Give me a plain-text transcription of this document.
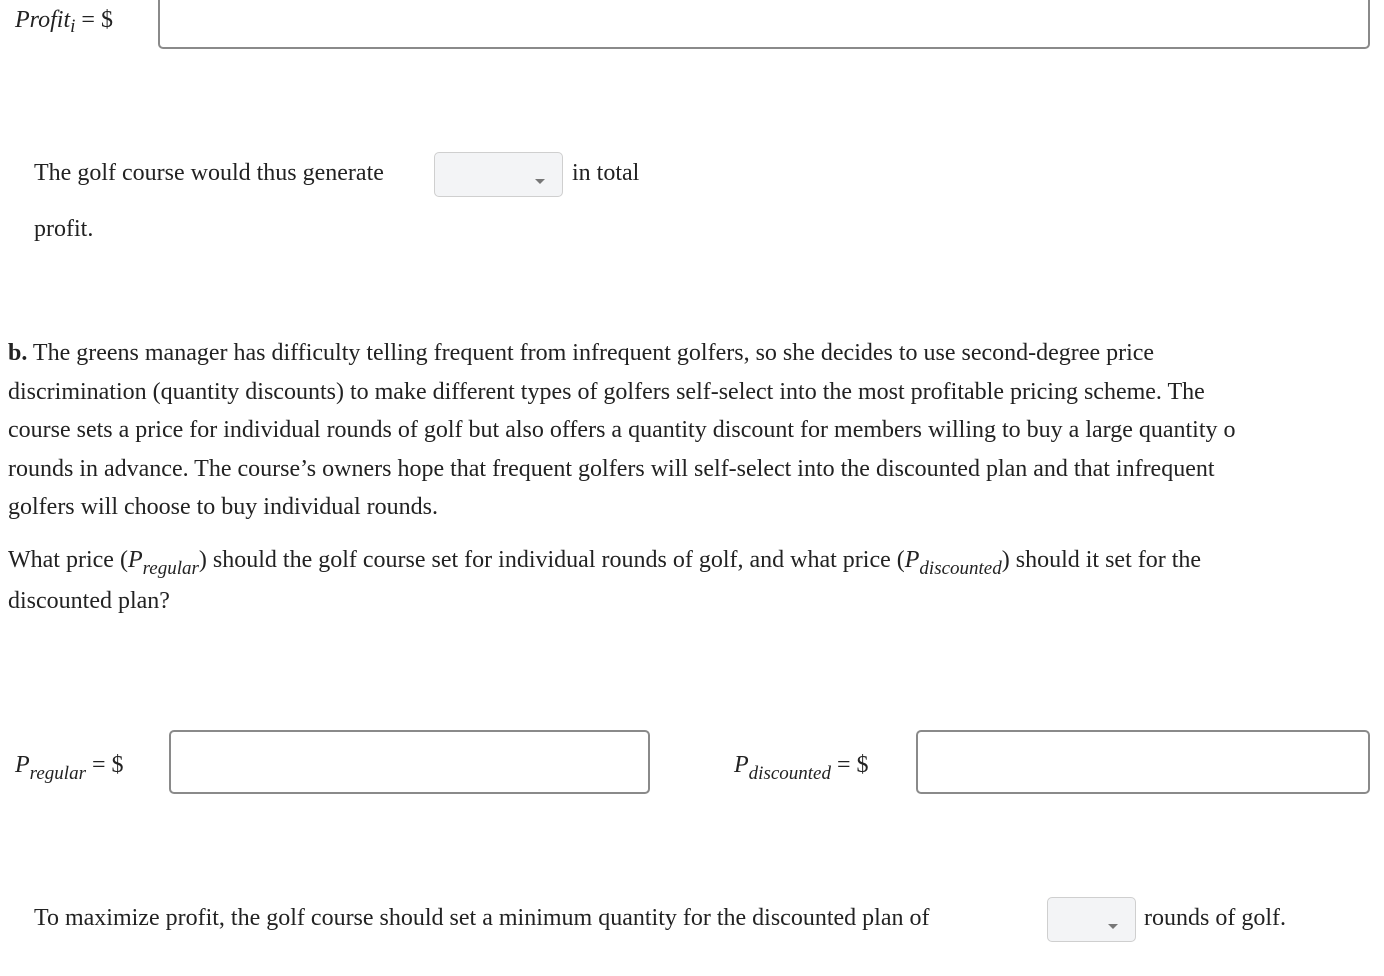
Profit$_i$ = $
The golf course would thus generate	in total
profit.
b. The greens manager has difficulty telling frequent from infrequent golfers, so she decides to use second-degree price
discrimination (quantity discounts) to make different types of golfers self-select into the most profitable pricing scheme. The
course sets a price for individual rounds of golf but also offers a quantity discount for members willing to buy a large quantity o
rounds in advance. The course’s owners hope that frequent golfers will self-select into the discounted plan and that infrequent
golfers will choose to buy individual rounds.
What price $(P_{regular})$ should the golf course set for individual rounds of golf, and what price $(P_{discounted})$ should it set for the
discounted plan?
$P_{regular}$ = $	$P_{discounted}$ = $
To maximize profit, the golf course should set a minimum quantity for the discounted plan of	rounds of golf.
